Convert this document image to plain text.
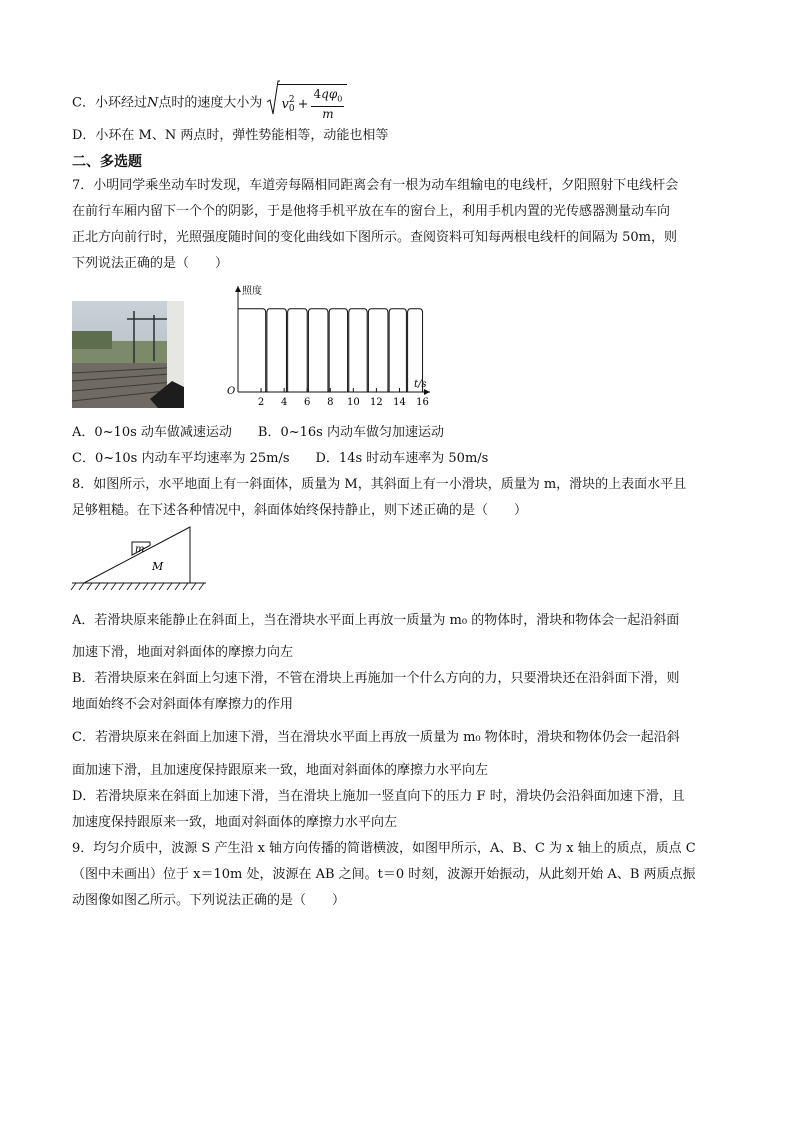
C．小环经过N点时的速度大小为 v 2
$0 + \frac{4q\varphi_0}{m}$
D．小环在 M、N 两点时，弹性势能相等，动能也相等
二、多选题
7．小明同学乘坐动车时发现，车道旁每隔相同距离会有一根为动车组输电的电线杆，夕阳照射下电线杆会
在前行车厢内留下一个个的阴影，于是他将手机平放在车的窗台上，利用手机内置的光传感器测量动车向
正北方向前行时，光照强度随时间的变化曲线如下图所示。查阅资料可知每两根电线杆的间隔为 50m，则
下列说法正确的是（　　）
照度
t/s
O
2 4 6 8 10 12 14 16
A．0~10s 动车做减速运动　　B．0~16s 内动车做匀加速运动
C．0~10s 内动车平均速率为 25m/s　　D．14s 时动车速率为 50m/s
8．如图所示，水平地面上有一斜面体，质量为 M，其斜面上有一小滑块，质量为 m，滑块的上表面水平且
足够粗糙。在下述各种情况中，斜面体始终保持静止，则下述正确的是（　　）
m
M
A．若滑块原来能静止在斜面上，当在滑块水平面上再放一质量为 m₀ 的物体时，滑块和物体会一起沿斜面
加速下滑，地面对斜面体的摩擦力向左
B．若滑块原来在斜面上匀速下滑，不管在滑块上再施加一个什么方向的力，只要滑块还在沿斜面下滑，则
地面始终不会对斜面体有摩擦力的作用
C．若滑块原来在斜面上加速下滑，当在滑块水平面上再放一质量为 m₀ 物体时，滑块和物体仍会一起沿斜
面加速下滑，且加速度保持跟原来一致，地面对斜面体的摩擦力水平向左
D．若滑块原来在斜面上加速下滑，当在滑块上施加一竖直向下的压力 F 时，滑块仍会沿斜面加速下滑，且
加速度保持跟原来一致，地面对斜面体的摩擦力水平向左
9．均匀介质中，波源 S 产生沿 x 轴方向传播的简谐横波，如图甲所示，A、B、C 为 x 轴上的质点，质点 C
（图中未画出）位于 x＝10m 处，波源在 AB 之间。t＝0 时刻，波源开始振动，从此刻开始 A、B 两质点振
动图像如图乙所示。下列说法正确的是（　　）
